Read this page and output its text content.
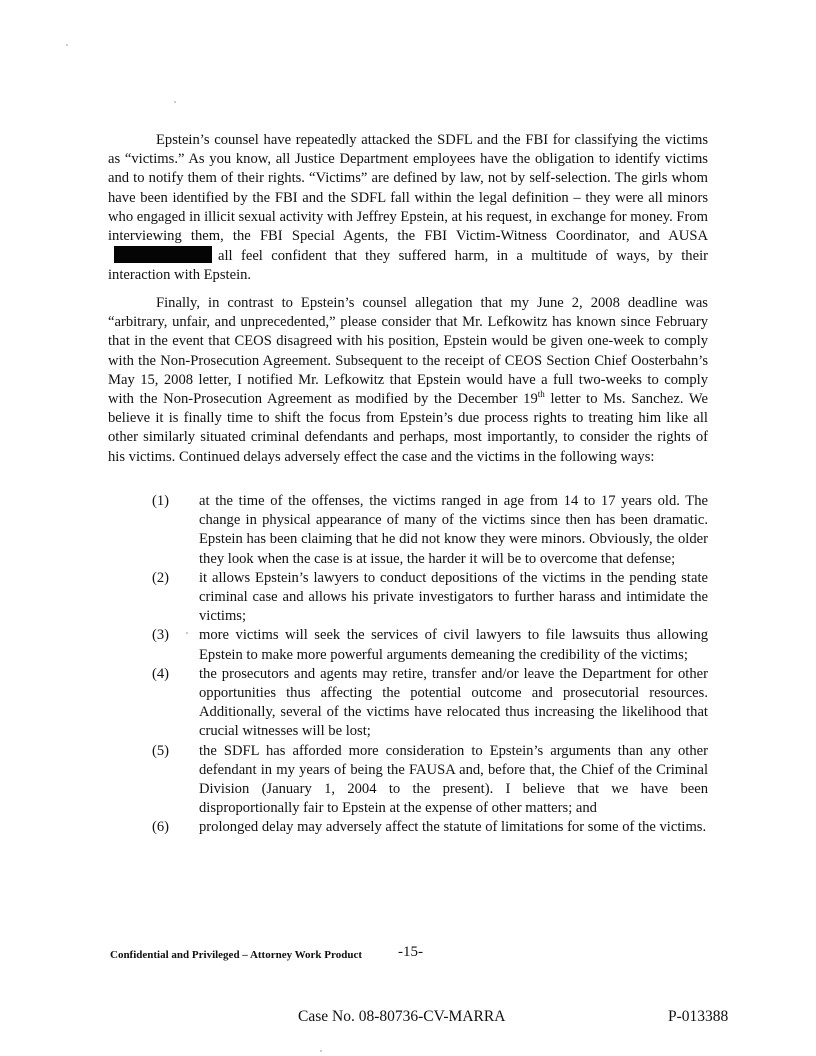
Epstein’s counsel have repeatedly attacked the SDFL and the FBI for classifying the victims as “victims.” As you know, all Justice Department employees have the obligation to identify victims and to notify them of their rights. “Victims” are defined by law, not by self-selection. The girls whom have been identified by the FBI and the SDFL fall within the legal definition – they were all minors who engaged in illicit sexual activity with Jeffrey Epstein, at his request, in exchange for money. From interviewing them, the FBI Special Agents, the FBI Victim-Witness Coordinator, and AUSAall feel confident that they suffered harm, in a multitude of ways, by their interaction with Epstein.

Finally, in contrast to Epstein’s counsel allegation that my June 2, 2008 deadline was “arbitrary, unfair, and unprecedented,” please consider that Mr. Lefkowitz has known since February that in the event that CEOS disagreed with his position, Epstein would be given one-week to comply with the Non-Prosecution Agreement. Subsequent to the receipt of CEOS Section Chief Oosterbahn’s May 15, 2008 letter, I notified Mr. Lefkowitz that Epstein would have a full two-weeks to comply with the Non-Prosecution Agreement as modified by the December 19th letter to Ms. Sanchez. We believe it is finally time to shift the focus from Epstein’s due process rights to treating him like all other similarly situated criminal defendants and perhaps, most importantly, to consider the rights of his victims. Continued delays adversely effect the case and the victims in the following ways:

(1) at the time of the offenses, the victims ranged in age from 14 to 17 years old. The change in physical appearance of many of the victims since then has been dramatic. Epstein has been claiming that he did not know they were minors. Obviously, the older they look when the case is at issue, the harder it will be to overcome that defense;
(2) it allows Epstein’s lawyers to conduct depositions of the victims in the pending state criminal case and allows his private investigators to further harass and intimidate the victims;
(3) more victims will seek the services of civil lawyers to file lawsuits thus allowing Epstein to make more powerful arguments demeaning the credibility of the victims;
(4) the prosecutors and agents may retire, transfer and/or leave the Department for other opportunities thus affecting the potential outcome and prosecutorial resources. Additionally, several of the victims have relocated thus increasing the likelihood that crucial witnesses will be lost;
(5) the SDFL has afforded more consideration to Epstein’s arguments than any other defendant in my years of being the FAUSA and, before that, the Chief of the Criminal Division (January 1, 2004 to the present). I believe that we have been disproportionally fair to Epstein at the expense of other matters; and
(6) prolonged delay may adversely affect the statute of limitations for some of the victims.
Confidential and Privileged – Attorney Work Product -15-
Case No. 08-80736-CV-MARRA	P-013388
